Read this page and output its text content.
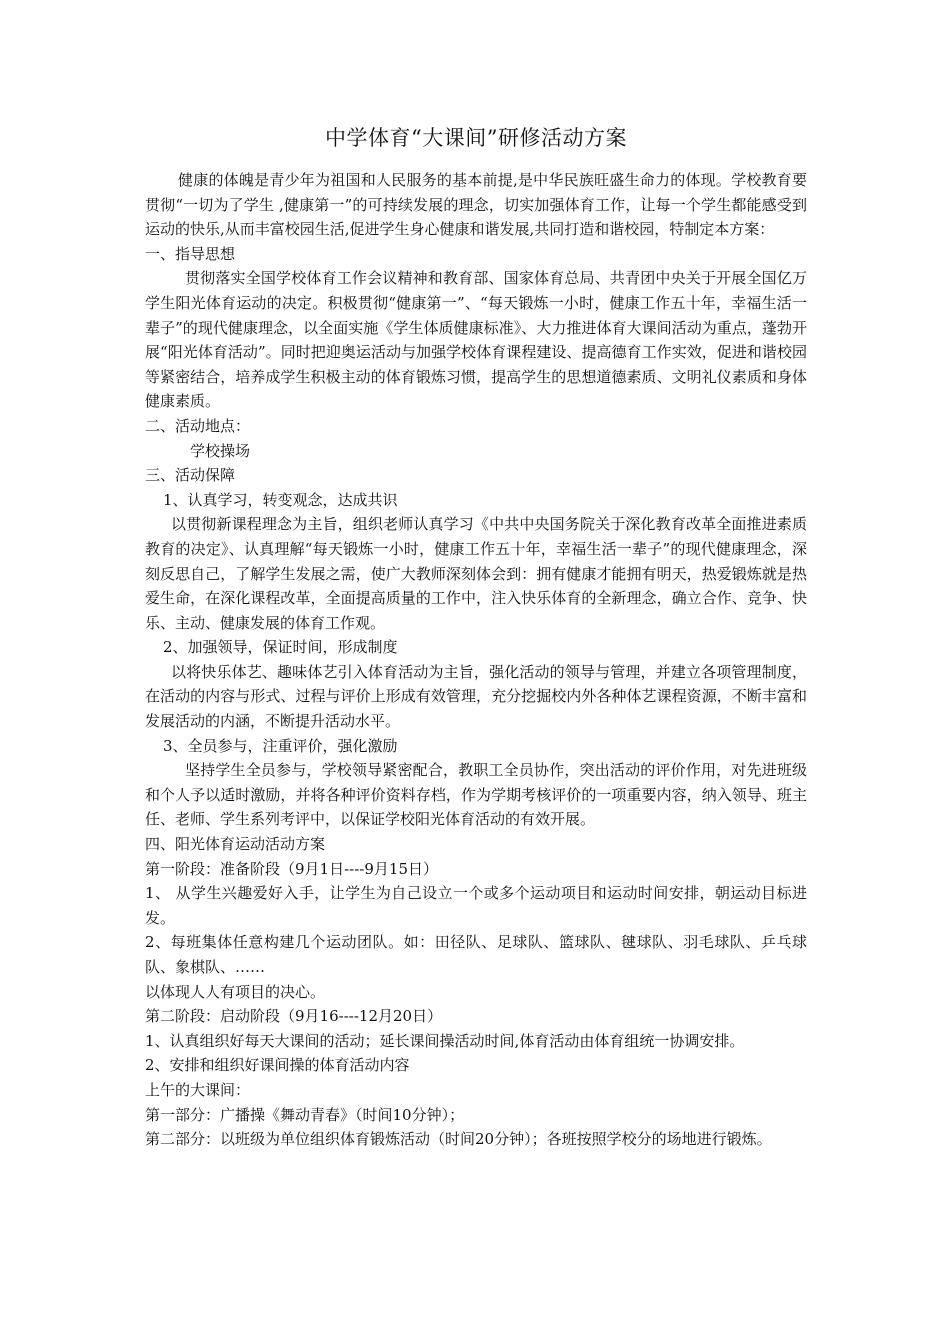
中学体育“大课间”研修活动方案

健康的体魄是青少年为祖国和人民服务的基本前提,是中华民族旺盛生命力的体现。学校教育要贯彻“一切为了学生 ,健康第一”的可持续发展的理念，切实加强体育工作，让每一个学生都能感受到运动的快乐,从而丰富校园生活,促进学生身心健康和谐发展,共同打造和谐校园，特制定本方案：

一、指导思想

贯彻落实全国学校体育工作会议精神和教育部、国家体育总局、共青团中央关于开展全国亿万学生阳光体育运动的决定。积极贯彻“健康第一”、“每天锻炼一小时，健康工作五十年，幸福生活一辈子”的现代健康理念，以全面实施《学生体质健康标准》、大力推进体育大课间活动为重点，蓬勃开展“阳光体育活动”。同时把迎奥运活动与加强学校体育课程建设、提高德育工作实效，促进和谐校园等紧密结合，培养成学生积极主动的体育锻炼习惯，提高学生的思想道德素质、文明礼仪素质和身体健康素质。

二、活动地点：

学校操场

三、活动保障

1、认真学习，转变观念，达成共识

以贯彻新课程理念为主旨，组织老师认真学习《中共中央国务院关于深化教育改革全面推进素质教育的决定》、认真理解“每天锻炼一小时，健康工作五十年，幸福生活一辈子”的现代健康理念，深刻反思自己，了解学生发展之需，使广大教师深刻体会到：拥有健康才能拥有明天，热爱锻炼就是热爱生命，在深化课程改革，全面提高质量的工作中，注入快乐体育的全新理念，确立合作、竞争、快乐、主动、健康发展的体育工作观。

2、加强领导，保证时间，形成制度

以将快乐体艺、趣味体艺引入体育活动为主旨，强化活动的领导与管理，并建立各项管理制度，在活动的内容与形式、过程与评价上形成有效管理，充分挖掘校内外各种体艺课程资源，不断丰富和发展活动的内涵，不断提升活动水平。

3、全员参与，注重评价，强化激励

坚持学生全员参与，学校领导紧密配合，教职工全员协作，突出活动的评价作用，对先进班级和个人予以适时激励，并将各种评价资料存档，作为学期考核评价的一项重要内容，纳入领导、班主任、老师、学生系列考评中，以保证学校阳光体育活动的有效开展。

四、阳光体育运动活动方案

第一阶段：准备阶段（9月1日----9月15日）

1、 从学生兴趣爱好入手，让学生为自己设立一个或多个运动项目和运动时间安排，朝运动目标进发。

2、每班集体任意构建几个运动团队。如：田径队、足球队、篮球队、毽球队、羽毛球队、乒乓球队、象棋队、……

以体现人人有项目的决心。

第二阶段：启动阶段（9月16----12月20日）

1、认真组织好每天大课间的活动；延长课间操活动时间,体育活动由体育组统一协调安排。

2、安排和组织好课间操的体育活动内容

上午的大课间：

第一部分：广播操《舞动青春》（时间10分钟）；

第二部分：以班级为单位组织体育锻炼活动（时间20分钟）；各班按照学校分的场地进行锻炼。
